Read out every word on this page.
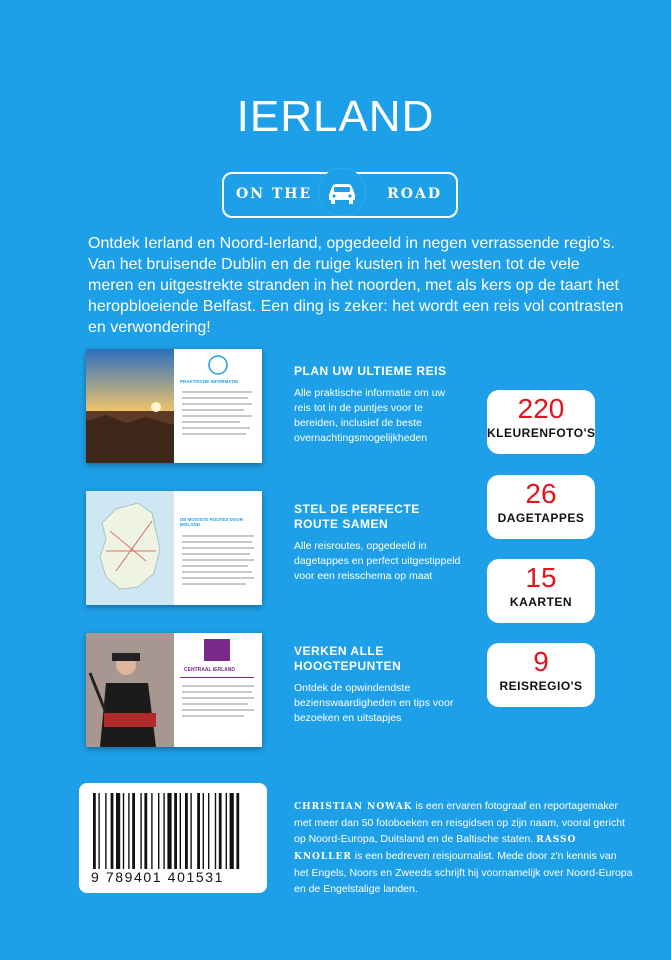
IERLAND
ON THE	ROAD
Ontdek Ierland en Noord-Ierland, opgedeeld in negen verrassende regio's. Van het bruisende Dublin en de ruige kusten in het westen tot de vele meren en uitgestrekte stranden in het noorden, met als kers op de taart het heropbloeiende Belfast. Een ding is zeker: het wordt een reis vol contrasten en verwondering!
PRAKTISCHE INFORMATIE
PLAN UW ULTIEME REIS

Alle praktische informatie om uw reis tot in de puntjes voor te bereiden, inclusief de beste overnachtingsmogelijkheden

DE MOOISTE ROUTES DOOR IERLAND
STEL DE PERFECTE ROUTE SAMEN

Alle reisroutes, opgedeeld in dagetappes en perfect uitgestippeld voor een reisschema op maat

CENTRAAL IERLAND
VERKEN ALLE HOOGTEPUNTEN

Ontdek de opwindendste bezienswaardigheden en tips voor bezoeken en uitstapjes

220
KLEURENFOTO'S
26
DAGETAPPES
15
KAARTEN
9
REISREGIO'S
9 789401 401531
CHRISTIAN NOWAK is een ervaren fotograaf en reportagemaker met meer dan 50 fotoboeken en reisgidsen op zijn naam, vooral gericht op Noord-Europa, Duitsland en de Baltische staten. RASSO KNOLLER is een bedreven reisjournalist. Mede door z'n kennis van het Engels, Noors en Zweeds schrijft hij voornamelijk over Noord-Europa en de Engelstalige landen.
